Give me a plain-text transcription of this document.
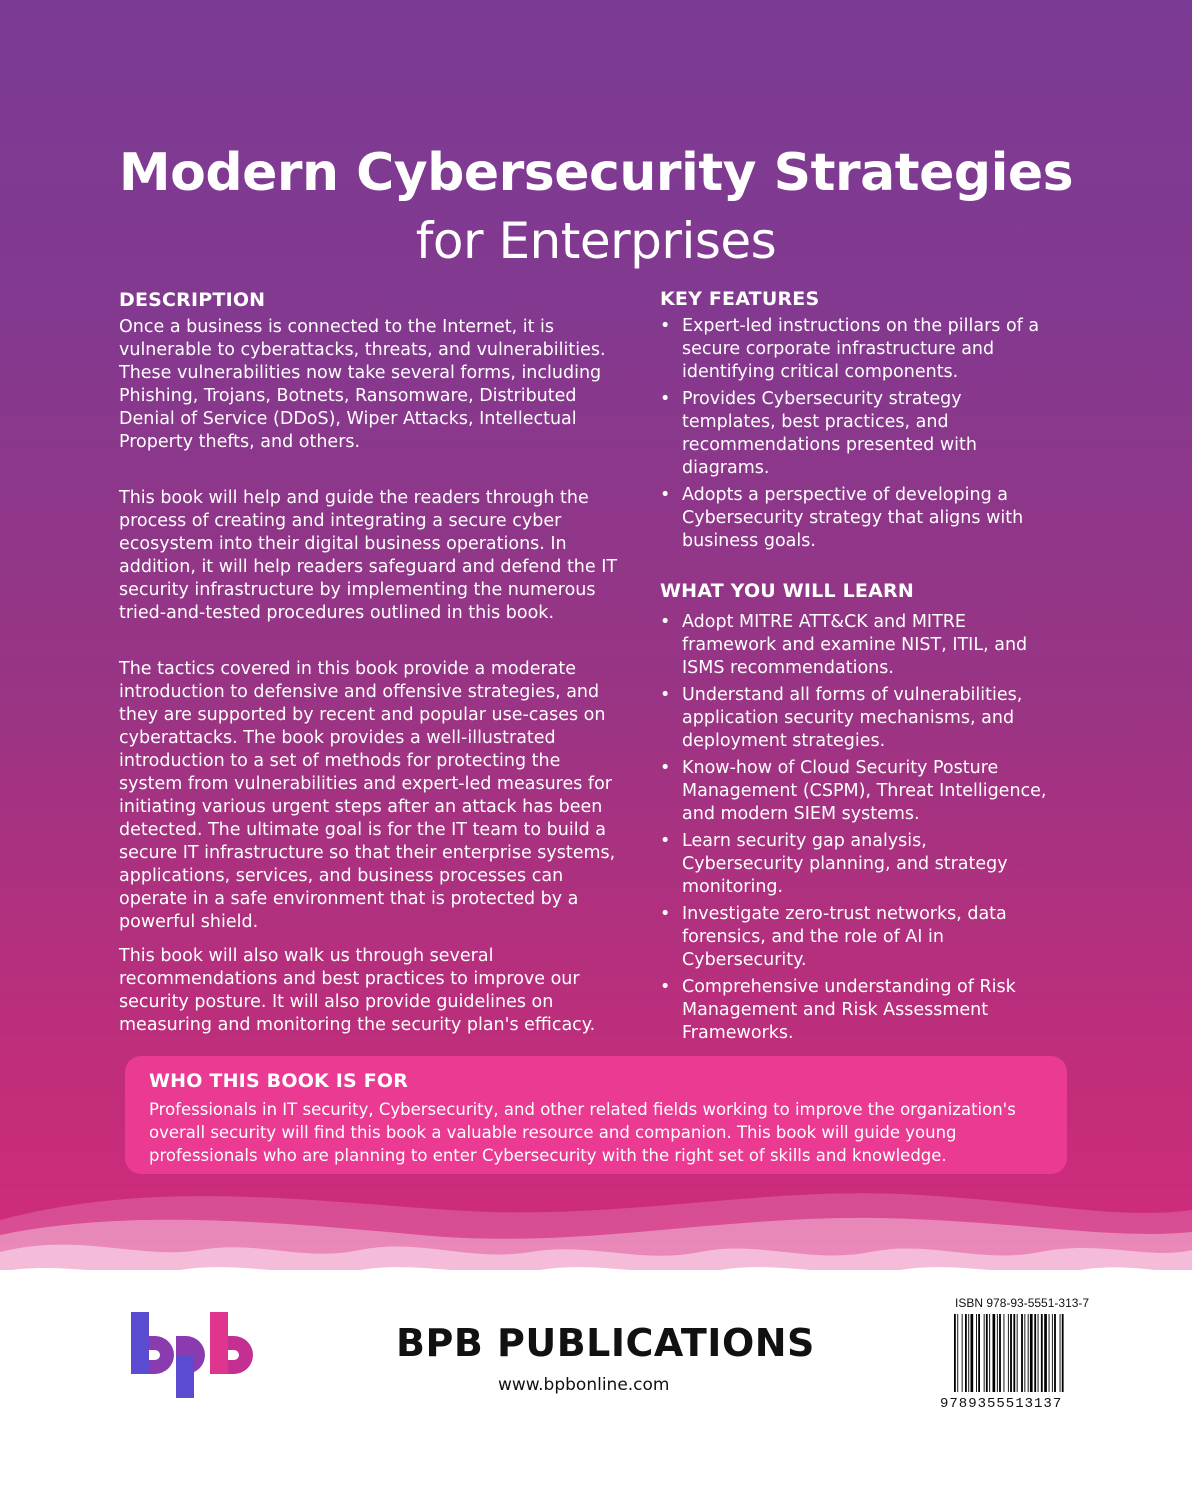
Modern Cybersecurity Strategies
for Enterprises
DESCRIPTION

Once a business is connected to the Internet, it is vulnerable to cyberattacks, threats, and vulnerabilities. These vulnerabilities now take several forms, including Phishing, Trojans, Botnets, Ransomware, Distributed Denial of Service (DDoS), Wiper Attacks, Intellectual Property thefts, and others.

This book will help and guide the readers through the process of creating and integrating a secure cyber ecosystem into their digital business operations. In addition, it will help readers safeguard and defend the IT security infrastructure by implementing the numerous tried-and-tested procedures outlined in this book.

The tactics covered in this book provide a moderate introduction to defensive and offensive strategies, and they are supported by recent and popular use-cases on cyberattacks. The book provides a well-illustrated introduction to a set of methods for protecting the system from vulnerabilities and expert-led measures for initiating various urgent steps after an attack has been detected. The ultimate goal is for the IT team to build a secure IT infrastructure so that their enterprise systems, applications, services, and business processes can operate in a safe environment that is protected by a powerful shield.

This book will also walk us through several recommendations and best practices to improve our security posture. It will also provide guidelines on measuring and monitoring the security plan's efficacy.

KEY FEATURES
• Expert-led instructions on the pillars of a secure corporate infrastructure and identifying critical components.
• Provides Cybersecurity strategy templates, best practices, and recommendations presented with diagrams.
• Adopts a perspective of developing a Cybersecurity strategy that aligns with business goals.
WHAT YOU WILL LEARN
• Adopt MITRE ATT&CK and MITRE framework and examine NIST, ITIL, and ISMS recommendations.
• Understand all forms of vulnerabilities, application security mechanisms, and deployment strategies.
• Know-how of Cloud Security Posture Management (CSPM), Threat Intelligence, and modern SIEM systems.
• Learn security gap analysis, Cybersecurity planning, and strategy monitoring.
• Investigate zero-trust networks, data forensics, and the role of AI in Cybersecurity.
• Comprehensive understanding of Risk Management and Risk Assessment Frameworks.
WHO THIS BOOK IS FOR

Professionals in IT security, Cybersecurity, and other related fields working to improve the organization's overall security will find this book a valuable resource and companion. This book will guide young professionals who are planning to enter Cybersecurity with the right set of skills and knowledge.

BPB PUBLICATIONS
www.bpbonline.com
ISBN 978-93-5551-313-7
9789355513137
